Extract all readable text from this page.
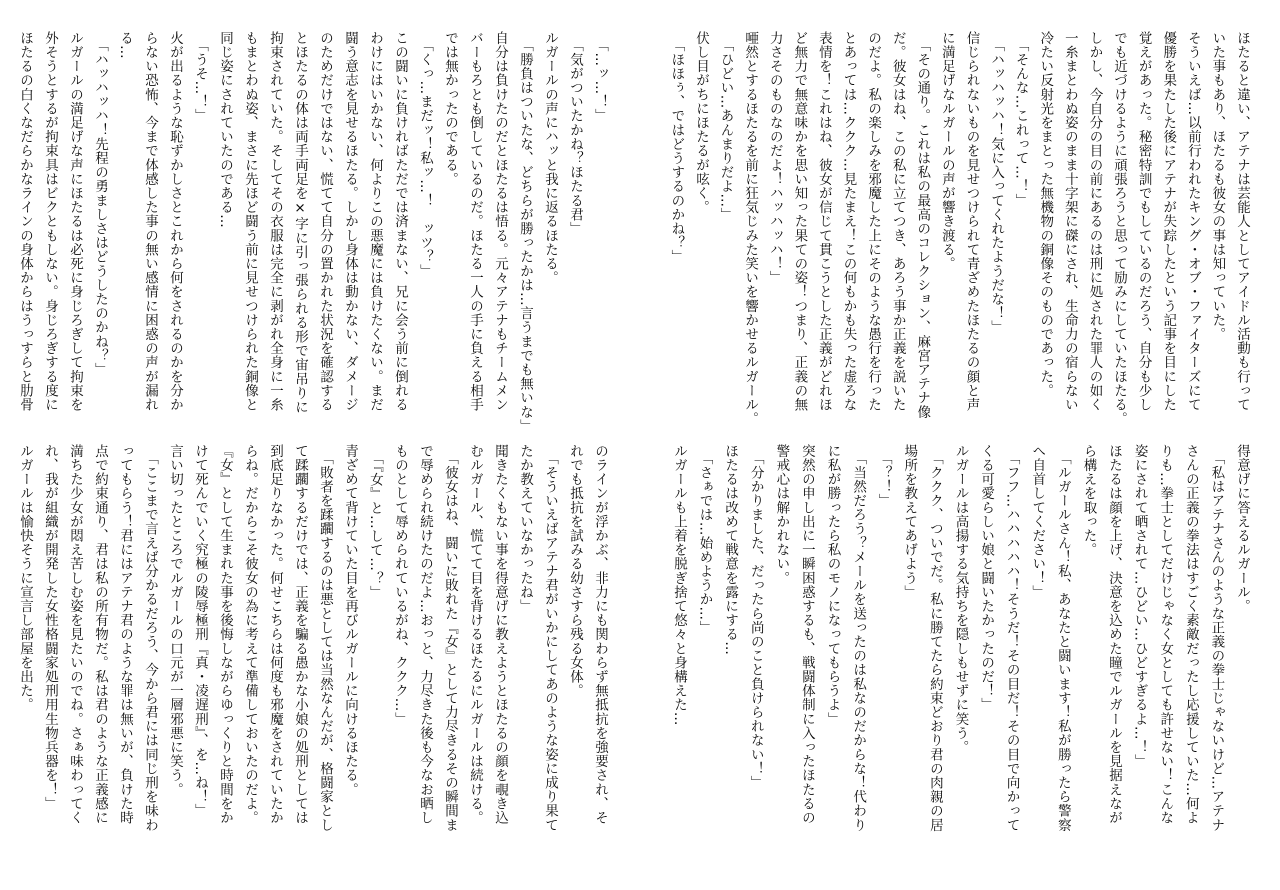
ほたると違い、アテナは芸能人としてアイドル活動も行って

いた事もあり、ほたるも彼女の事は知っていた。

そういえば…以前行われたキング・オブ・ファイターズにて

優勝を果たした後にアテナが失踪したという記事を目にした

覚えがあった。秘密特訓でもしているのだろう、自分も少し

でも近づけるように頑張ろうと思って励みにしていたほたる。

しかし、今自分の目の前にあるのは刑に処された罪人の如く

一糸まとわぬ姿のまま十字架に磔にされ、生命力の宿らない

冷たい反射光をまとった無機物の銅像そのものであった。

　「そんな…これって…！」

　「ハッハッハ！気に入ってくれたようだな！」

信じられないものを見せつけられて青ざめたほたるの顔と声

に満足げなルガールの声が響き渡る。

　「その通り。これは私の最高のコレクション、麻宮アテナ像

だ。彼女はね、この私に立てつき、あろう事か正義を説いた

のだよ。私の楽しみを邪魔した上にそのような愚行を行った

とあっては…ククク…見たまえ！この何もかも失った虚ろな

表情を！これはね、彼女が信じて貫こうとした正義がどれほ

ど無力で無意味かを思い知った果ての姿！つまり、正義の無

力さそのものなのだよ！ハッハッハ！」

唖然とするほたるを前に狂気じみた笑いを響かせるルガール。

　「ひどい…あんまりだよ…」

伏し目がちにほたるが呟く。

　「ほほぅ、ではどうするのかね？」

　「…ッ…！」

　「気がついたかね？ほたる君」

ルガールの声にハッと我に返るほたる。

　「勝負はついたな、どちらが勝ったかは…言うまでも無いな」

自分は負けたのだとほたるは悟る。元々アテナもチームメン

バーもろとも倒しているのだ。ほたる一人の手に負える相手

では無かったのである。

　「くっ…まだッ！私ッ…！　ッツ？」

この闘いに負ければただでは済まない、兄に会う前に倒れる

わけにはいかない、何よりこの悪魔には負けたくない。まだ

闘う意志を見せるほたる。しかし身体は動かない、ダメージ

のためだけではない、慌てて自分の置かれた状況を確認する

とほたるの体は両手両足を×字に引っ張られる形で宙吊りに

拘束されていた。そしてその衣服は完全に剥がれ全身に一糸

もまとわぬ姿、まさに先ほど闘う前に見せつけられた銅像と

同じ姿にされていたのである…

　「うそ…！」

火が出るような恥ずかしさとこれから何をされるのかを分か

らない恐怖、今まで体感した事の無い感情に困惑の声が漏れ

る…

　「ハッハッハ！先程の勇ましさはどうしたのかね？」

ルガールの満足げな声にほたるは必死に身じろぎして拘束を

外そうとするが拘束具はビクともしない。身じろぎする度に

ほたるの白くなだらかなラインの身体からはうっすらと肋骨

得意げに答えるルガール。

　「私はアテナさんのような正義の拳士じゃないけど…アテナ

さんの正義の拳法はすごく素敵だったし応援していた…何よ

りも…拳士としてだけじゃなく女としても許せない！こんな

姿にされて晒されて…ひどい…ひどすぎるよ…！」

ほたるは顔を上げ、決意を込めた瞳でルガールを見据えなが

ら構えを取った。

　「ルガールさん！私、あなたと闘います！私が勝ったら警察

へ自首してください！」

　「フフ…ハハハハハ！そうだ！その目だ！その目で向かって

くる可愛らしい娘と闘いたかったのだ！」

ルガールは高揚する気持ちを隠しもせずに笑う。

　「ククク、ついでだ。私に勝てたら約束どおり君の肉親の居

場所を教えてあげよう」

　「？！」

　「当然だろう？メールを送ったのは私なのだからな！代わり

に私が勝ったら私のモノになってもらうよ」

突然の申し出に一瞬困惑するも、戦闘体制に入ったほたるの

警戒心は解かれない。

　「分かりました、だったら尚のこと負けられない！」

ほたるは改めて戦意を露にする…

　「さぁでは…始めようか…」

ルガールも上着を脱ぎ捨て悠々と身構えた…

のラインが浮かぶ、非力にも関わらず無抵抗を強要され、そ

れでも抵抗を試みる幼さすら残る女体。

　「そういえばアテナ君がいかにしてあのような姿に成り果て

たか教えていなかったね」

聞きたくもない事を得意げに教えようとほたるの顔を覗き込

むルガール、慌てて目を背けるほたるにルガールは続ける。

　「彼女はね、闘いに敗れた『女』として力尽きるその瞬間ま

で辱められ続けたのだよ…おっと、力尽きた後も今なお晒し

ものとして辱められているがね、ククク…」

　「『女』と…して…？」

青ざめて背けていた目を再びルガールに向けるほたる。

　「敗者を蹂躙するのは悪としては当然なんだが、格闘家とし

て蹂躙するだけでは、正義を騙る愚かな小娘の処刑としては

到底足りなかった。何せこちらは何度も邪魔をされていたか

らね。だからこそ彼女の為に考えて準備しておいたのだよ。

『女』として生まれた事を後悔しながらゆっくりと時間をか

けて死んでいく究極の陵辱極刑『真・凌遅刑』、を…ね！」

言い切ったところでルガールの口元が一層邪悪に笑う。

　「ここまで言えば分かるだろう、今から君には同じ刑を味わ

ってもらう！君にはアテナ君のような罪は無いが、負けた時

点で約束通り、君は私の所有物だ。私は君のような正義感に

満ちた少女が悶え苦しむ姿を見たいのでね。さぁ味わってく

れ、我が組織が開発した女性格闘家処刑用生物兵器を！」

ルガールは愉快そうに宣言し部屋を出た。
